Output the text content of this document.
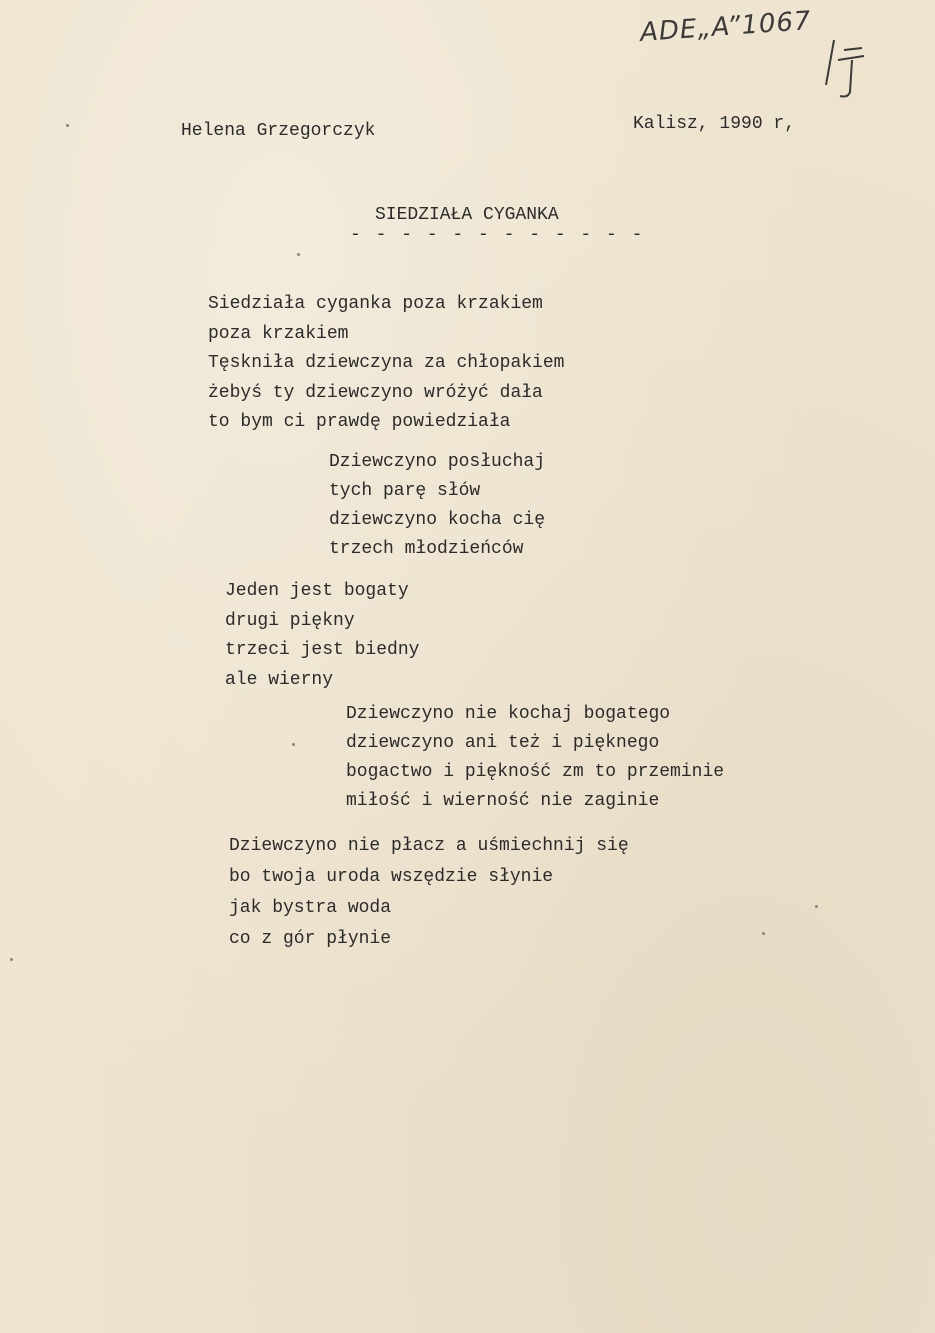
ADE„A”1067
Helena Grzegorczyk	Kalisz, 1990 r,
SIEDZIAŁA CYGANKA
- - - - - - - - - - - -
Siedziała cyganka poza krzakiem
poza krzakiem
Tęskniła dziewczyna za chłopakiem
żebyś ty dziewczyno wróżyć dała
to bym ci prawdę powiedziała
Dziewczyno posłuchaj
tych parę słów
dziewczyno kocha cię
trzech młodzieńców
Jeden jest bogaty
drugi piękny
trzeci jest biedny
ale wierny
Dziewczyno nie kochaj bogatego
dziewczyno ani też i pięknego
bogactwo i piękność zm to przeminie
miłość i wierność nie zaginie
Dziewczyno nie płacz a uśmiechnij się
bo twoja uroda wszędzie słynie
jak bystra woda
co z gór płynie
